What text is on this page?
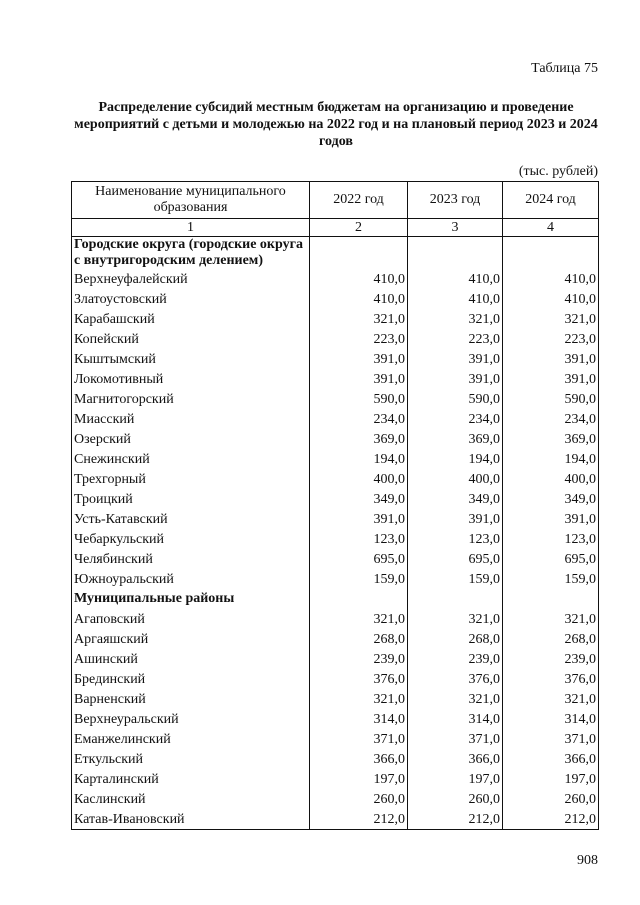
Таблица 75
Распределение субсидий местным бюджетам на организацию и проведение мероприятий с детьми и молодежью на 2022 год и на плановый период 2023 и 2024 годов
(тыс. рублей)
Наименование муниципального образования	2022 год	2023 год	2024 год
1	2	3	4
Городские округа (городские округа с внутригородским делением)			
Верхнеуфалейский	410,0	410,0	410,0
Златоустовский	410,0	410,0	410,0
Карабашский	321,0	321,0	321,0
Копейский	223,0	223,0	223,0
Кыштымский	391,0	391,0	391,0
Локомотивный	391,0	391,0	391,0
Магнитогорский	590,0	590,0	590,0
Миасский	234,0	234,0	234,0
Озерский	369,0	369,0	369,0
Снежинский	194,0	194,0	194,0
Трехгорный	400,0	400,0	400,0
Троицкий	349,0	349,0	349,0
Усть-Катавский	391,0	391,0	391,0
Чебаркульский	123,0	123,0	123,0
Челябинский	695,0	695,0	695,0
Южноуральский	159,0	159,0	159,0
Муниципальные районы			
Агаповский	321,0	321,0	321,0
Аргаяшский	268,0	268,0	268,0
Ашинский	239,0	239,0	239,0
Брединский	376,0	376,0	376,0
Варненский	321,0	321,0	321,0
Верхнеуральский	314,0	314,0	314,0
Еманжелинский	371,0	371,0	371,0
Еткульский	366,0	366,0	366,0
Карталинский	197,0	197,0	197,0
Каслинский	260,0	260,0	260,0
Катав-Ивановский	212,0	212,0	212,0
908
